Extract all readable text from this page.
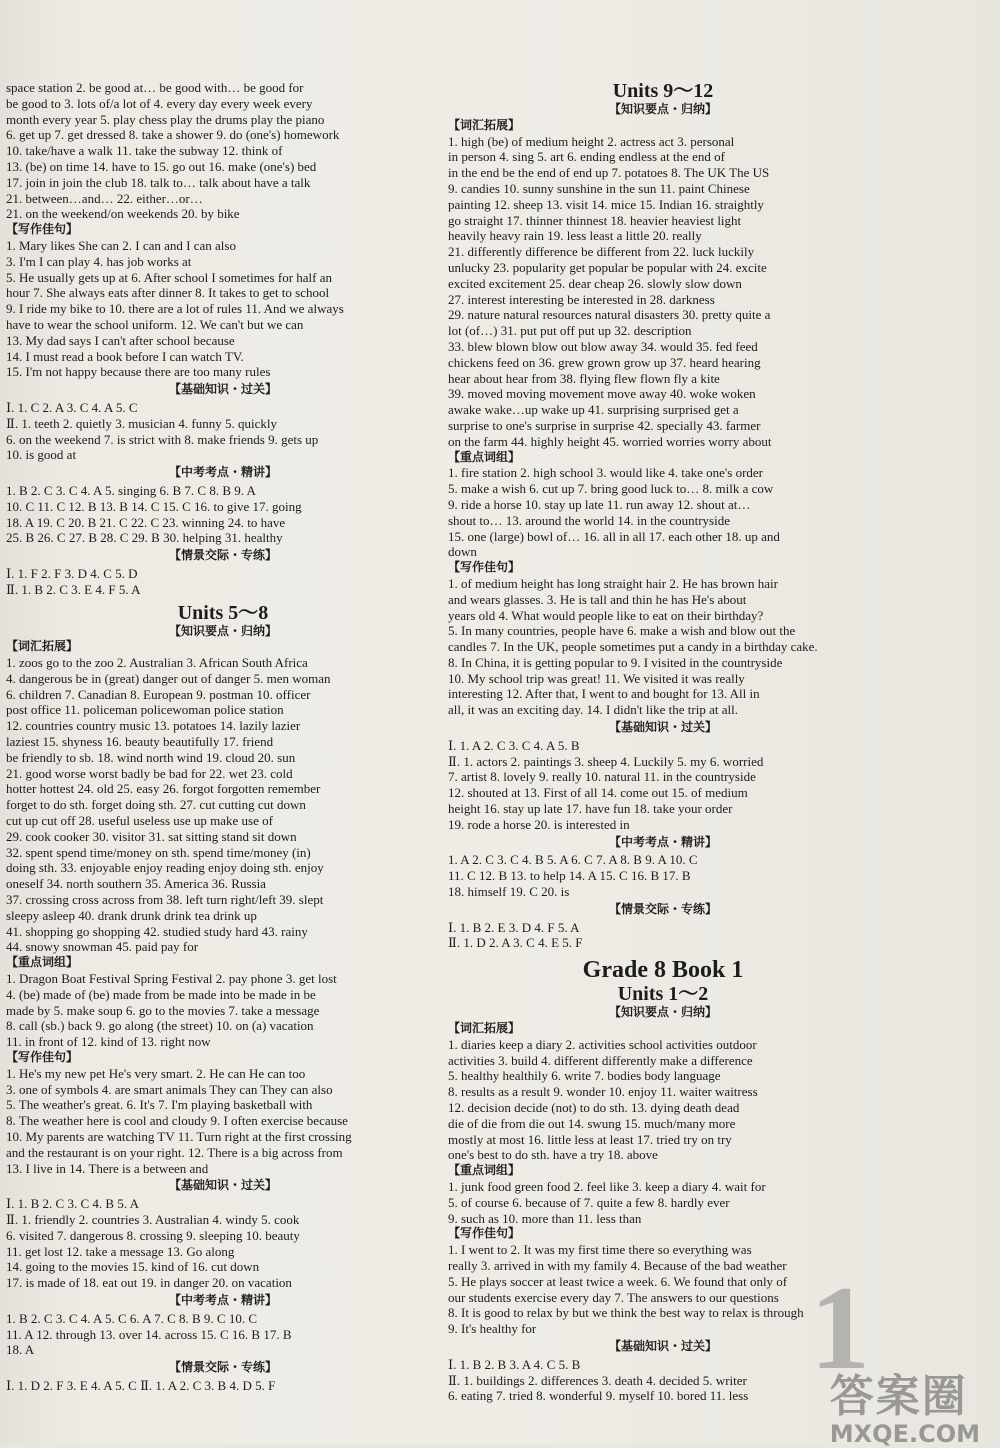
space station 2. be good at… be good with… be good for
be good to 3. lots of/a lot of 4. every day every week every
month every year 5. play chess play the drums play the piano
6. get up 7. get dressed 8. take a shower 9. do (one's) homework
10. take/have a walk 11. take the subway 12. think of
13. (be) on time 14. have to 15. go out 16. make (one's) bed
17. join in join the club 18. talk to… talk about have a talk
21. between…and… 22. either…or…
21. on the weekend/on weekends 20. by bike
【写作佳句】
1. Mary likes She can 2. I can and I can also
3. I'm I can play 4. has job works at
5. He usually gets up at 6. After school I sometimes for half an
hour 7. She always eats after dinner 8. It takes to get to school
9. I ride my bike to 10. there are a lot of rules 11. And we always
have to wear the school uniform. 12. We can't but we can
13. My dad says I can't after school because
14. I must read a book before I can watch TV.
15. I'm not happy because there are too many rules
【基础知识・过关】
Ⅰ. 1. C 2. A 3. C 4. A 5. C
Ⅱ. 1. teeth 2. quietly 3. musician 4. funny 5. quickly
6. on the weekend 7. is strict with 8. make friends 9. gets up
10. is good at
【中考考点・精讲】
1. B 2. C 3. C 4. A 5. singing 6. B 7. C 8. B 9. A
10. C 11. C 12. B 13. B 14. C 15. C 16. to give 17. going
18. A 19. C 20. B 21. C 22. C 23. winning 24. to have
25. B 26. C 27. B 28. C 29. B 30. helping 31. healthy
【情景交际・专练】
Ⅰ. 1. F 2. F 3. D 4. C 5. D
Ⅱ. 1. B 2. C 3. E 4. F 5. A
Units 5～8
【知识要点・归纳】
【词汇拓展】
1. zoos go to the zoo 2. Australian 3. African South Africa
4. dangerous be in (great) danger out of danger 5. men woman
6. children 7. Canadian 8. European 9. postman 10. officer
post office 11. policeman policewoman police station
12. countries country music 13. potatoes 14. lazily lazier
laziest 15. shyness 16. beauty beautifully 17. friend
be friendly to sb. 18. wind north wind 19. cloud 20. sun
21. good worse worst badly be bad for 22. wet 23. cold
hotter hottest 24. old 25. easy 26. forgot forgotten remember
forget to do sth. forget doing sth. 27. cut cutting cut down
cut up cut off 28. useful useless use up make use of
29. cook cooker 30. visitor 31. sat sitting stand sit down
32. spent spend time/money on sth. spend time/money (in)
doing sth. 33. enjoyable enjoy reading enjoy doing sth. enjoy
oneself 34. north southern 35. America 36. Russia
37. crossing cross across from 38. left turn right/left 39. slept
sleepy asleep 40. drank drunk drink tea drink up
41. shopping go shopping 42. studied study hard 43. rainy
44. snowy snowman 45. paid pay for
【重点词组】
1. Dragon Boat Festival Spring Festival 2. pay phone 3. get lost
4. (be) made of (be) made from be made into be made in be
made by 5. make soup 6. go to the movies 7. take a message
8. call (sb.) back 9. go along (the street) 10. on (a) vacation
11. in front of 12. kind of 13. right now
【写作佳句】
1. He's my new pet He's very smart. 2. He can He can too
3. one of symbols 4. are smart animals They can They can also
5. The weather's great. 6. It's 7. I'm playing basketball with
8. The weather here is cool and cloudy 9. I often exercise because
10. My parents are watching TV 11. Turn right at the first crossing
and the restaurant is on your right. 12. There is a big across from
13. I live in 14. There is a between and
【基础知识・过关】
Ⅰ. 1. B 2. C 3. C 4. B 5. A
Ⅱ. 1. friendly 2. countries 3. Australian 4. windy 5. cook
6. visited 7. dangerous 8. crossing 9. sleeping 10. beauty
11. get lost 12. take a message 13. Go along
14. going to the movies 15. kind of 16. cut down
17. is made of 18. eat out 19. in danger 20. on vacation
【中考考点・精讲】
1. B 2. C 3. C 4. A 5. C 6. A 7. C 8. B 9. C 10. C
11. A 12. through 13. over 14. across 15. C 16. B 17. B
18. A
【情景交际・专练】
Ⅰ. 1. D 2. F 3. E 4. A 5. C Ⅱ. 1. A 2. C 3. B 4. D 5. F
Units 9～12
【知识要点・归纳】
【词汇拓展】
1. high (be) of medium height 2. actress act 3. personal
in person 4. sing 5. art 6. ending endless at the end of
in the end be the end of end up 7. potatoes 8. The UK The US
9. candies 10. sunny sunshine in the sun 11. paint Chinese
painting 12. sheep 13. visit 14. mice 15. Indian 16. straightly
go straight 17. thinner thinnest 18. heavier heaviest light
heavily heavy rain 19. less least a little 20. really
21. differently difference be different from 22. luck luckily
unlucky 23. popularity get popular be popular with 24. excite
excited excitement 25. dear cheap 26. slowly slow down
27. interest interesting be interested in 28. darkness
29. nature natural resources natural disasters 30. pretty quite a
lot (of…) 31. put put off put up 32. description
33. blew blown blow out blow away 34. would 35. fed feed
chickens feed on 36. grew grown grow up 37. heard hearing
hear about hear from 38. flying flew flown fly a kite
39. moved moving movement move away 40. woke woken
awake wake…up wake up 41. surprising surprised get a
surprise to one's surprise in surprise 42. specially 43. farmer
on the farm 44. highly height 45. worried worries worry about
【重点词组】
1. fire station 2. high school 3. would like 4. take one's order
5. make a wish 6. cut up 7. bring good luck to… 8. milk a cow
9. ride a horse 10. stay up late 11. run away 12. shout at…
shout to… 13. around the world 14. in the countryside
15. one (large) bowl of… 16. all in all 17. each other 18. up and
down
【写作佳句】
1. of medium height has long straight hair 2. He has brown hair
and wears glasses. 3. He is tall and thin he has He's about
years old 4. What would people like to eat on their birthday?
5. In many countries, people have 6. make a wish and blow out the
candles 7. In the UK, people sometimes put a candy in a birthday cake.
8. In China, it is getting popular to 9. I visited in the countryside
10. My school trip was great! 11. We visited it was really
interesting 12. After that, I went to and bought for 13. All in
all, it was an exciting day. 14. I didn't like the trip at all.
【基础知识・过关】
Ⅰ. 1. A 2. C 3. C 4. A 5. B
Ⅱ. 1. actors 2. paintings 3. sheep 4. Luckily 5. my 6. worried
7. artist 8. lovely 9. really 10. natural 11. in the countryside
12. shouted at 13. First of all 14. come out 15. of medium
height 16. stay up late 17. have fun 18. take your order
19. rode a horse 20. is interested in
【中考考点・精讲】
1. A 2. C 3. C 4. B 5. A 6. C 7. A 8. B 9. A 10. C
11. C 12. B 13. to help 14. A 15. C 16. B 17. B
18. himself 19. C 20. is
【情景交际・专练】
Ⅰ. 1. B 2. E 3. D 4. F 5. A
Ⅱ. 1. D 2. A 3. C 4. E 5. F
Grade 8 Book 1
Units 1～2
【知识要点・归纳】
【词汇拓展】
1. diaries keep a diary 2. activities school activities outdoor
activities 3. build 4. different differently make a difference
5. healthy healthily 6. write 7. bodies body language
8. results as a result 9. wonder 10. enjoy 11. waiter waitress
12. decision decide (not) to do sth. 13. dying death dead
die of die from die out 14. swung 15. much/many more
mostly at most 16. little less at least 17. tried try on try
one's best to do sth. have a try 18. above
【重点词组】
1. junk food green food 2. feel like 3. keep a diary 4. wait for
5. of course 6. because of 7. quite a few 8. hardly ever
9. such as 10. more than 11. less than
【写作佳句】
1. I went to 2. It was my first time there so everything was
really 3. arrived in with my family 4. Because of the bad weather
5. He plays soccer at least twice a week. 6. We found that only of
our students exercise every day 7. The answers to our questions
8. It is good to relax by but we think the best way to relax is through
9. It's healthy for
【基础知识・过关】
Ⅰ. 1. B 2. B 3. A 4. C 5. B
Ⅱ. 1. buildings 2. differences 3. death 4. decided 5. writer
6. eating 7. tried 8. wonderful 9. myself 10. bored 11. less
1
答案圈
MXQE.COM
